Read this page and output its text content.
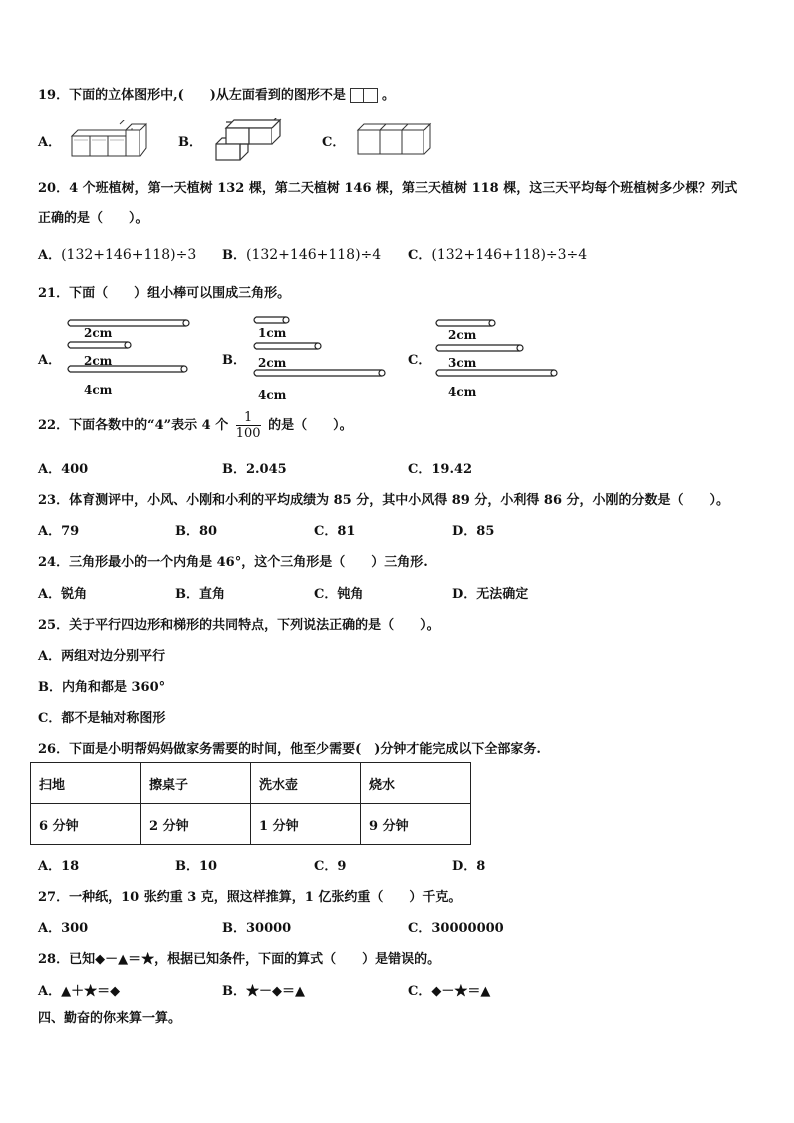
19．下面的立体图形中,( )从左面看到的图形不是	。
A．	B．	C．
20．4 个班植树，第一天植树 132 棵，第二天植树 146 棵，第三天植树 118 棵，这三天平均每个班植树多少棵？列式
正确的是（　　）。
A．(132+146+118)÷3 B．(132+146+118)÷4 C．(132+146+118)÷3÷4
21．下面（　　）组小棒可以围成三角形。
A．	B．	C．
2cm
2cm
4cm
1cm
2cm
4cm
2cm
3cm
4cm
22．下面各数中的“4”表示 4 个 $\frac{1}{100}$ 的是（　　）。
A．400	B．2.045	C．19.42
23．体育测评中，小风、小刚和小利的平均成绩为 85 分，其中小风得 89 分，小利得 86 分，小刚的分数是（　　）。
A．79	B．80	C．81	D．85
24．三角形最小的一个内角是 46°，这个三角形是（　　）三角形.
A．锐角	B．直角	C．钝角	D．无法确定
25．关于平行四边形和梯形的共同特点，下列说法正确的是（　　）。
A．两组对边分别平行
B．内角和都是 360°
C．都不是轴对称图形
26．下面是小明帮妈妈做家务需要的时间，他至少需要(　)分钟才能完成以下全部家务.
扫地	擦桌子	洗水壶	烧水
6 分钟	2 分钟	1 分钟	9 分钟
A．18	B．10	C．9	D．8
27．一种纸，10 张约重 3 克，照这样推算，1 亿张约重（　　）千克。
A．300	B．30000	C．30000000
28．已知◆－▲＝★，根据已知条件，下面的算式（　　）是错误的。
A．▲＋★＝◆	B．★－◆＝▲	C．◆－★＝▲
四、勤奋的你来算一算。
